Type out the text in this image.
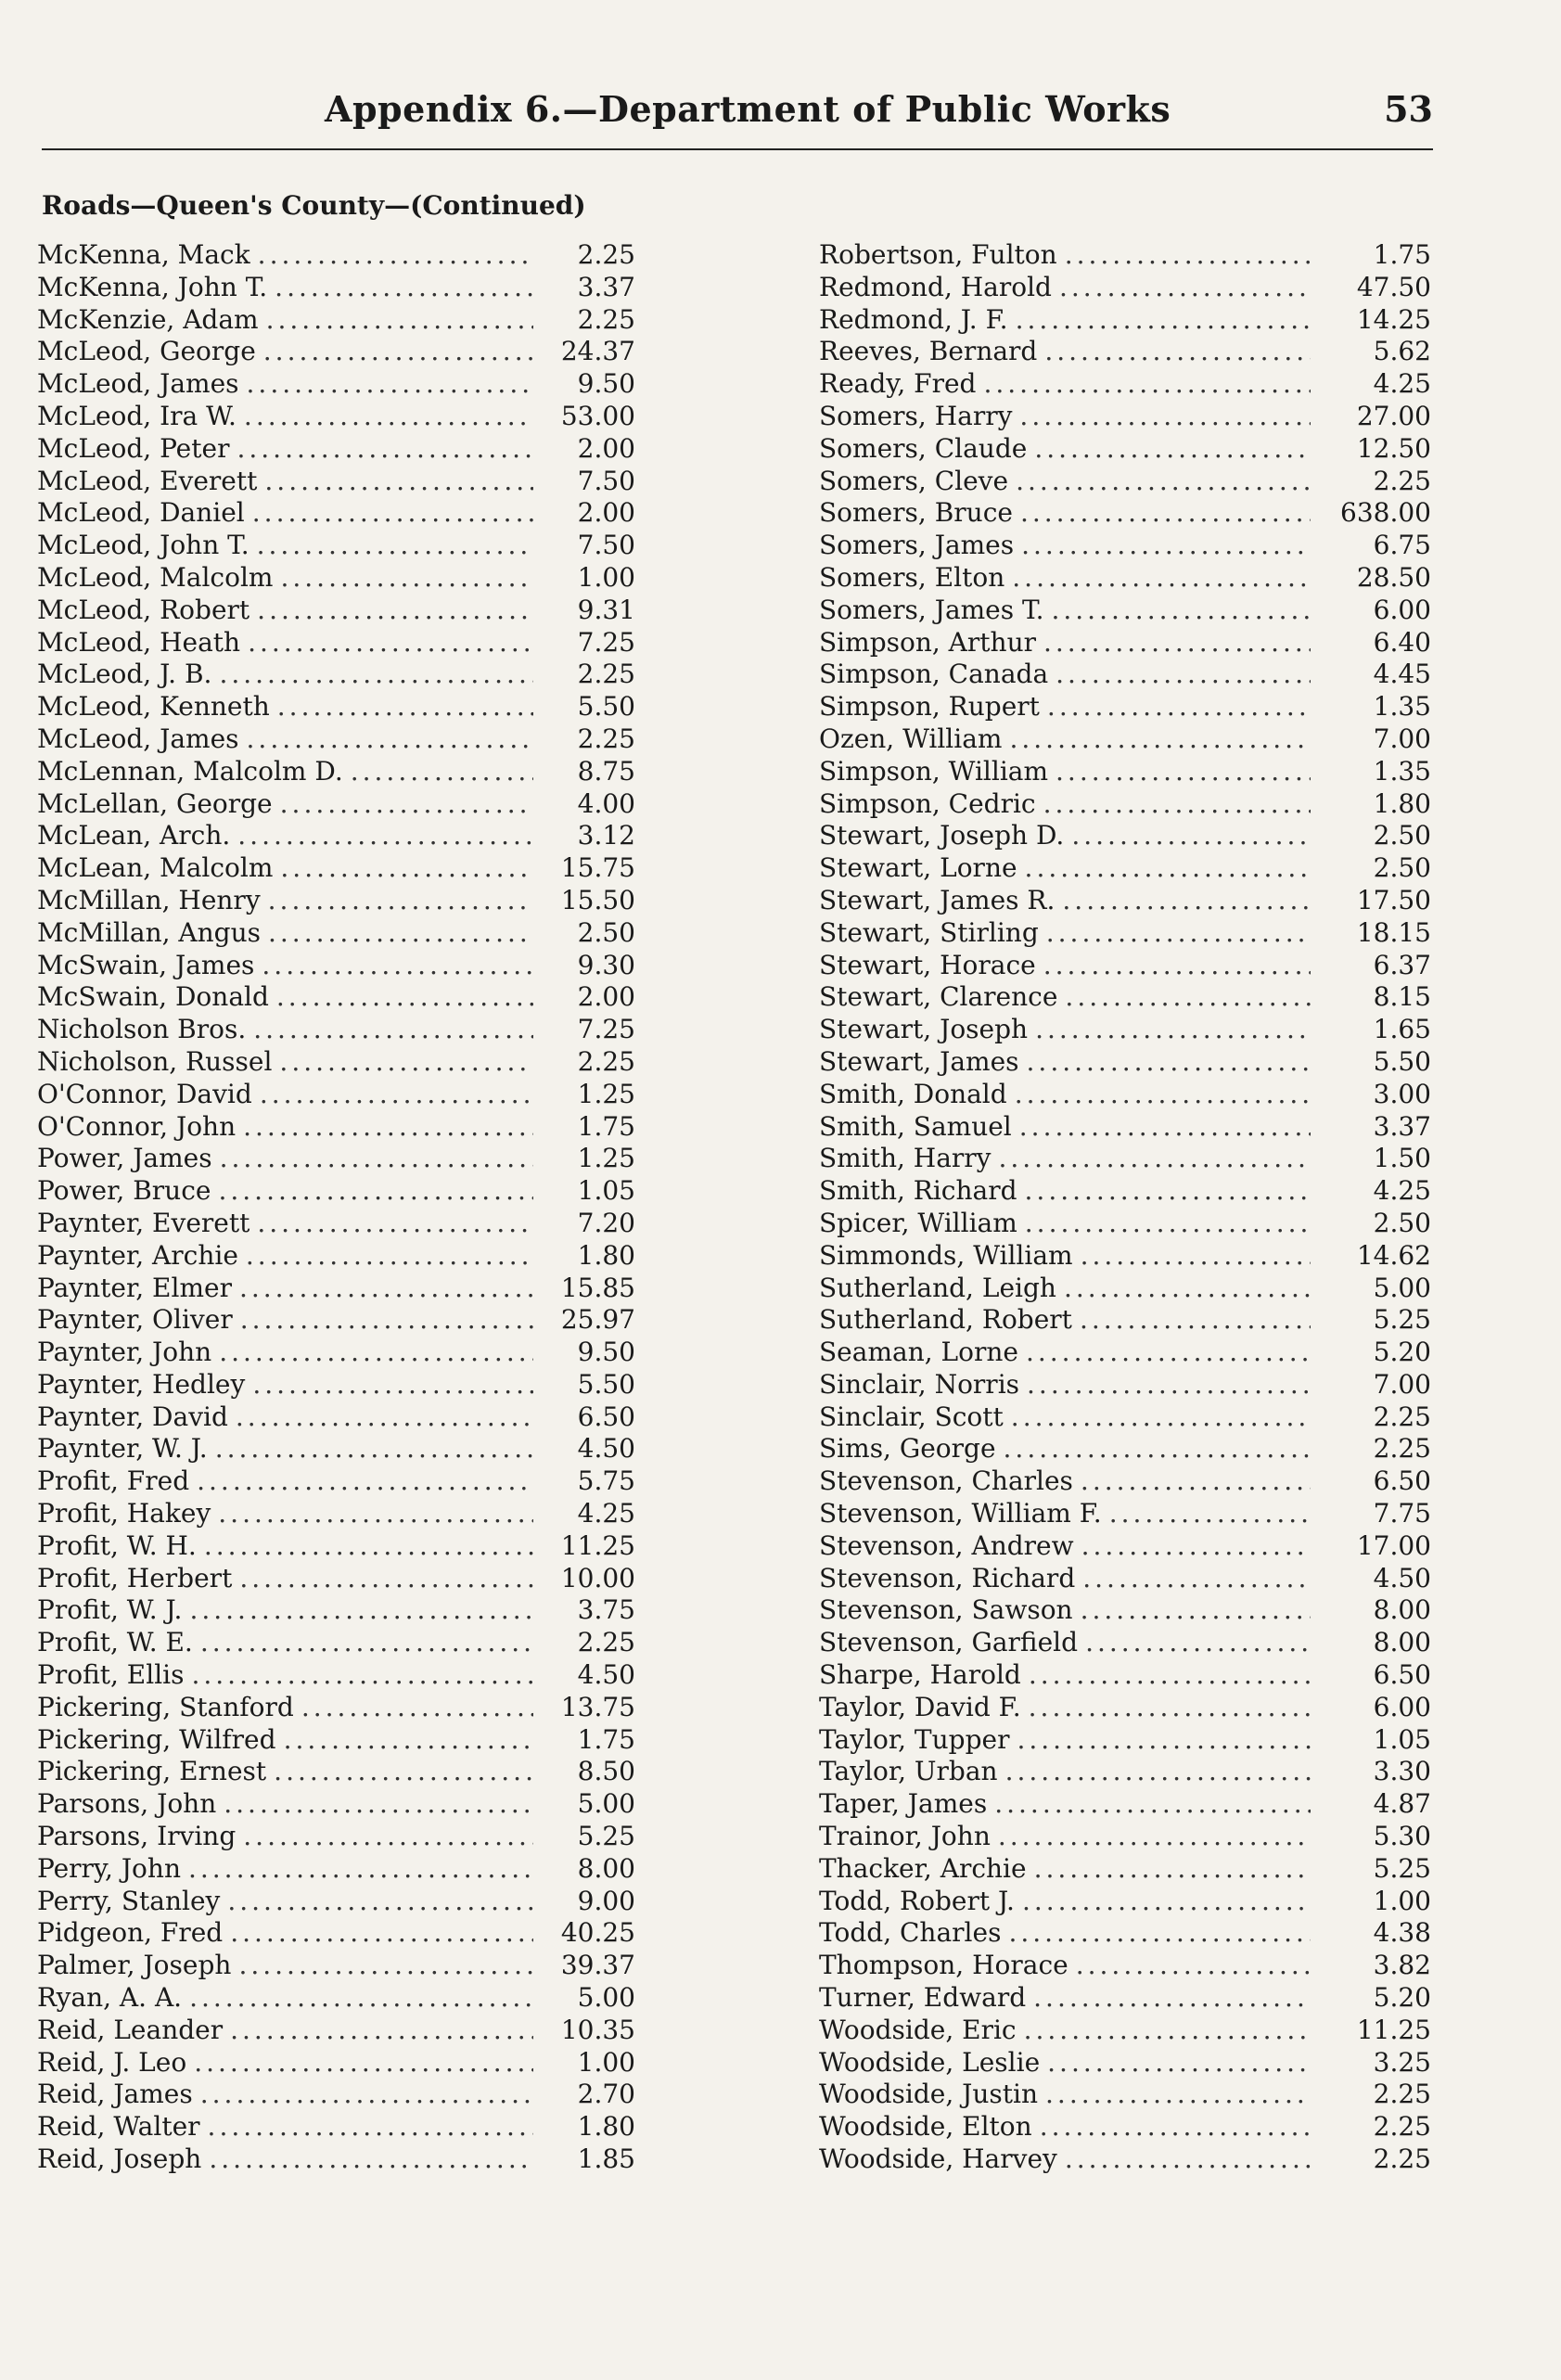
Appendix 6.—Department of Public Works	53
Roads—Queen's County—(Continued)
McKenna, Mack .....	2.25
McKenna, John T. .....	3.37
McKenzie, Adam .....	2.25
McLeod, George .....	24.37
McLeod, James .....	9.50
McLeod, Ira W. .....	53.00
McLeod, Peter .....	2.00
McLeod, Everett .....	7.50
McLeod, Daniel .....	2.00
McLeod, John T. .....	7.50
McLeod, Malcolm .....	1.00
McLeod, Robert .....	9.31
McLeod, Heath .....	7.25
McLeod, J. B. .....	2.25
McLeod, Kenneth .....	5.50
McLeod, James .....	2.25
McLennan, Malcolm D. .....	8.75
McLellan, George .....	4.00
McLean, Arch. .....	3.12
McLean, Malcolm .....	15.75
McMillan, Henry .....	15.50
McMillan, Angus .....	2.50
McSwain, James .....	9.30
McSwain, Donald .....	2.00
Nicholson Bros. .....	7.25
Nicholson, Russel .....	2.25
O'Connor, David .....	1.25
O'Connor, John .....	1.75
Power, James .....	1.25
Power, Bruce .....	1.05
Paynter, Everett .....	7.20
Paynter, Archie .....	1.80
Paynter, Elmer .....	15.85
Paynter, Oliver .....	25.97
Paynter, John .....	9.50
Paynter, Hedley .....	5.50
Paynter, David .....	6.50
Paynter, W. J. .....	4.50
Profit, Fred .....	5.75
Profit, Hakey .....	4.25
Profit, W. H. .....	11.25
Profit, Herbert .....	10.00
Profit, W. J. .....	3.75
Profit, W. E. .....	2.25
Profit, Ellis .....	4.50
Pickering, Stanford .....	13.75
Pickering, Wilfred .....	1.75
Pickering, Ernest .....	8.50
Parsons, John .....	5.00
Parsons, Irving .....	5.25
Perry, John .....	8.00
Perry, Stanley .....	9.00
Pidgeon, Fred .....	40.25
Palmer, Joseph .....	39.37
Ryan, A. A. .....	5.00
Reid, Leander .....	10.35
Reid, J. Leo .....	1.00
Reid, James .....	2.70
Reid, Walter .....	1.80
Reid, Joseph .....	1.85
Robertson, Fulton .....	1.75
Redmond, Harold .....	47.50
Redmond, J. F. .....	14.25
Reeves, Bernard .....	5.62
Ready, Fred .....	4.25
Somers, Harry .....	27.00
Somers, Claude .....	12.50
Somers, Cleve .....	2.25
Somers, Bruce .....	638.00
Somers, James .....	6.75
Somers, Elton .....	28.50
Somers, James T. .....	6.00
Simpson, Arthur .....	6.40
Simpson, Canada .....	4.45
Simpson, Rupert .....	1.35
Ozen, William .....	7.00
Simpson, William .....	1.35
Simpson, Cedric .....	1.80
Stewart, Joseph D. .....	2.50
Stewart, Lorne .....	2.50
Stewart, James R. .....	17.50
Stewart, Stirling .....	18.15
Stewart, Horace .....	6.37
Stewart, Clarence .....	8.15
Stewart, Joseph .....	1.65
Stewart, James .....	5.50
Smith, Donald .....	3.00
Smith, Samuel .....	3.37
Smith, Harry .....	1.50
Smith, Richard .....	4.25
Spicer, William .....	2.50
Simmonds, William .....	14.62
Sutherland, Leigh .....	5.00
Sutherland, Robert .....	5.25
Seaman, Lorne .....	5.20
Sinclair, Norris .....	7.00
Sinclair, Scott .....	2.25
Sims, George .....	2.25
Stevenson, Charles .....	6.50
Stevenson, William F. .....	7.75
Stevenson, Andrew .....	17.00
Stevenson, Richard .....	4.50
Stevenson, Sawson .....	8.00
Stevenson, Garfield .....	8.00
Sharpe, Harold .....	6.50
Taylor, David F. .....	6.00
Taylor, Tupper .....	1.05
Taylor, Urban .....	3.30
Taper, James .....	4.87
Trainor, John .....	5.30
Thacker, Archie .....	5.25
Todd, Robert J. .....	1.00
Todd, Charles .....	4.38
Thompson, Horace .....	3.82
Turner, Edward .....	5.20
Woodside, Eric .....	11.25
Woodside, Leslie .....	3.25
Woodside, Justin .....	2.25
Woodside, Elton .....	2.25
Woodside, Harvey .....	2.25
